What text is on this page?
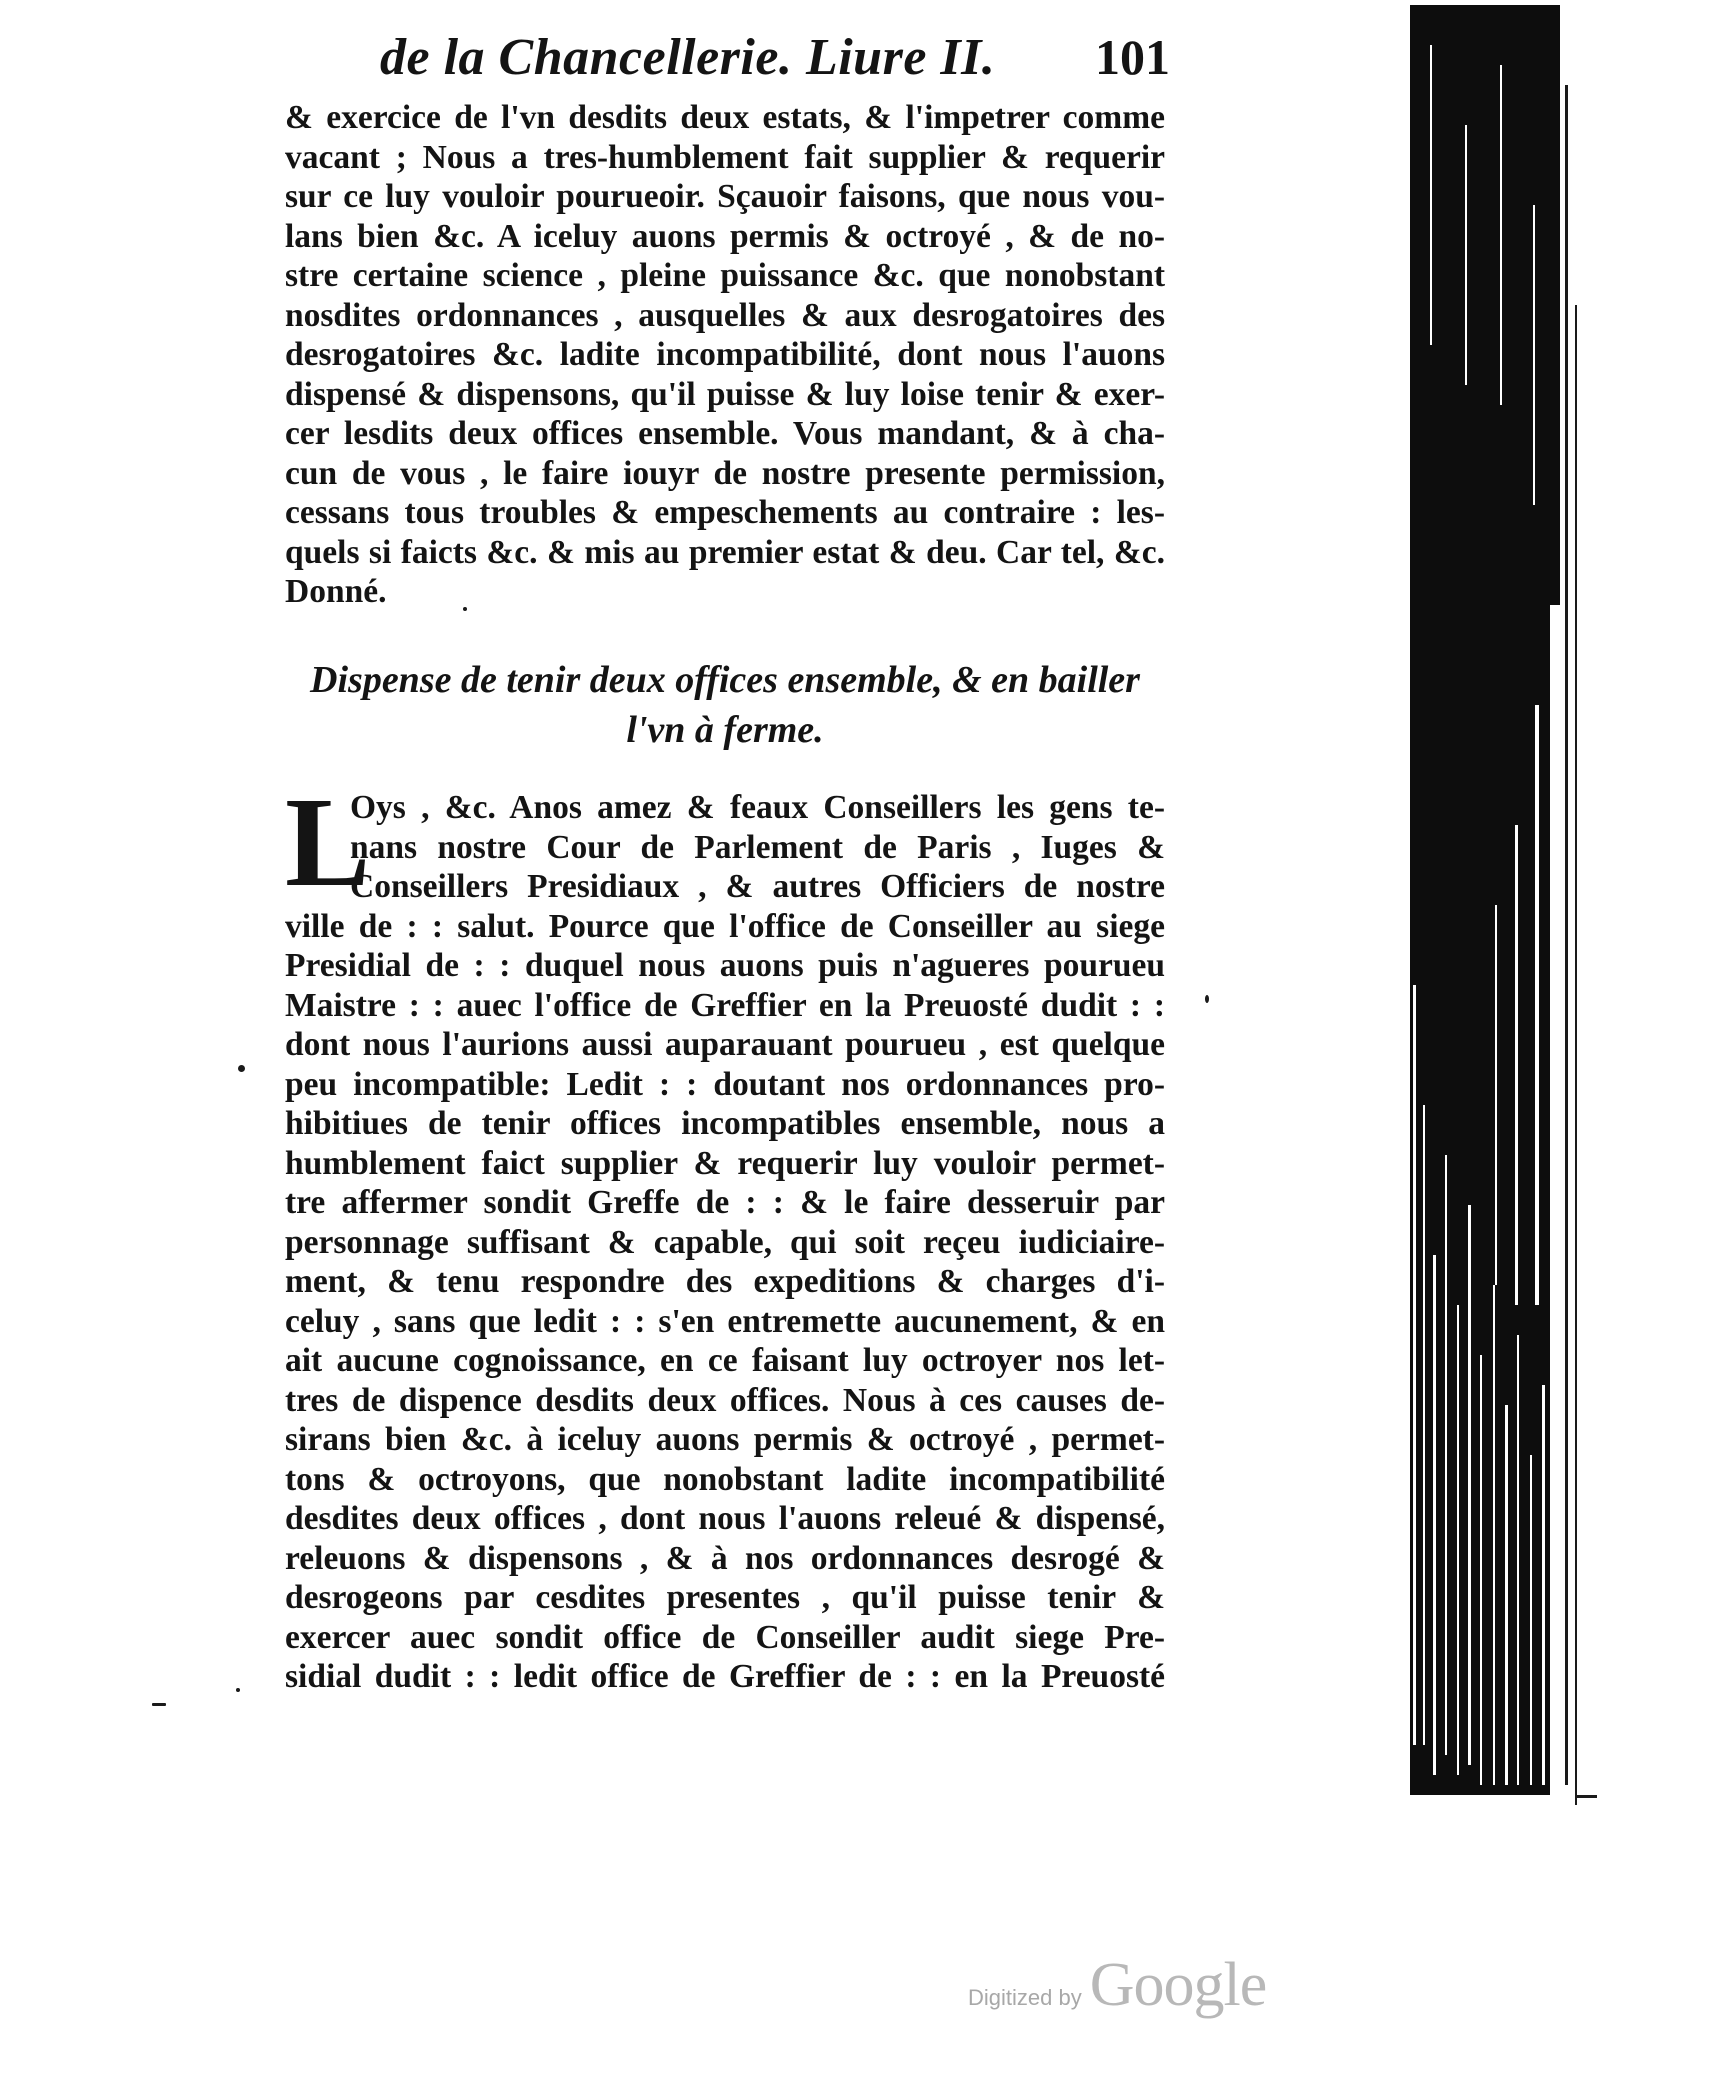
de la Chancellerie. Liure II. 101
& exercice de l'vn desdits deux estats, & l'impetrer comme
vacant ; Nous a tres-humblement fait supplier & requerir
sur ce luy vouloir pourueoir. Sçauoir faisons, que nous vou-
lans bien &c. A iceluy auons permis & octroyé , & de no-
stre certaine science , pleine puissance &c. que nonobstant
nosdites ordonnances , ausquelles & aux desrogatoires des
desrogatoires &c. ladite incompatibilité, dont nous l'auons
dispensé & dispensons, qu'il puisse & luy loise tenir & exer-
cer lesdits deux offices ensemble. Vous mandant, & à cha-
cun de vous , le faire iouyr de nostre presente permission,
cessans tous troubles & empeschements au contraire : les-
quels si faicts &c. & mis au premier estat & deu. Car tel, &c.
Donné.
Dispense de tenir deux offices ensemble, & en bailler
l'vn à ferme.
L
Oys , &c. Anos amez & feaux Conseillers les gens te-
nans nostre Cour de Parlement de Paris , Iuges &
Conseillers Presidiaux , & autres Officiers de nostre
ville de : : salut. Pource que l'office de Conseiller au siege
Presidial de : : duquel nous auons puis n'agueres pourueu
Maistre : : auec l'office de Greffier en la Preuosté dudit : :
dont nous l'aurions aussi auparauant pourueu , est quelque
peu incompatible: Ledit : : doutant nos ordonnances pro-
hibitiues de tenir offices incompatibles ensemble, nous a
humblement faict supplier & requerir luy vouloir permet-
tre affermer sondit Greffe de : : & le faire desseruir par
personnage suffisant & capable, qui soit reçeu iudiciaire-
ment, & tenu respondre des expeditions & charges d'i-
celuy , sans que ledit : : s'en entremette aucunement, & en
ait aucune cognoissance, en ce faisant luy octroyer nos let-
tres de dispence desdits deux offices. Nous à ces causes de-
sirans bien &c. à iceluy auons permis & octroyé , permet-
tons & octroyons, que nonobstant ladite incompatibilité
desdites deux offices , dont nous l'auons releué & dispensé,
releuons & dispensons , & à nos ordonnances desrogé &
desrogeons par cesdites presentes , qu'il puisse tenir &
exercer auec sondit office de Conseiller audit siege Pre-
sidial dudit : : ledit office de Greffier de : : en la Preuosté
Digitized by Google
